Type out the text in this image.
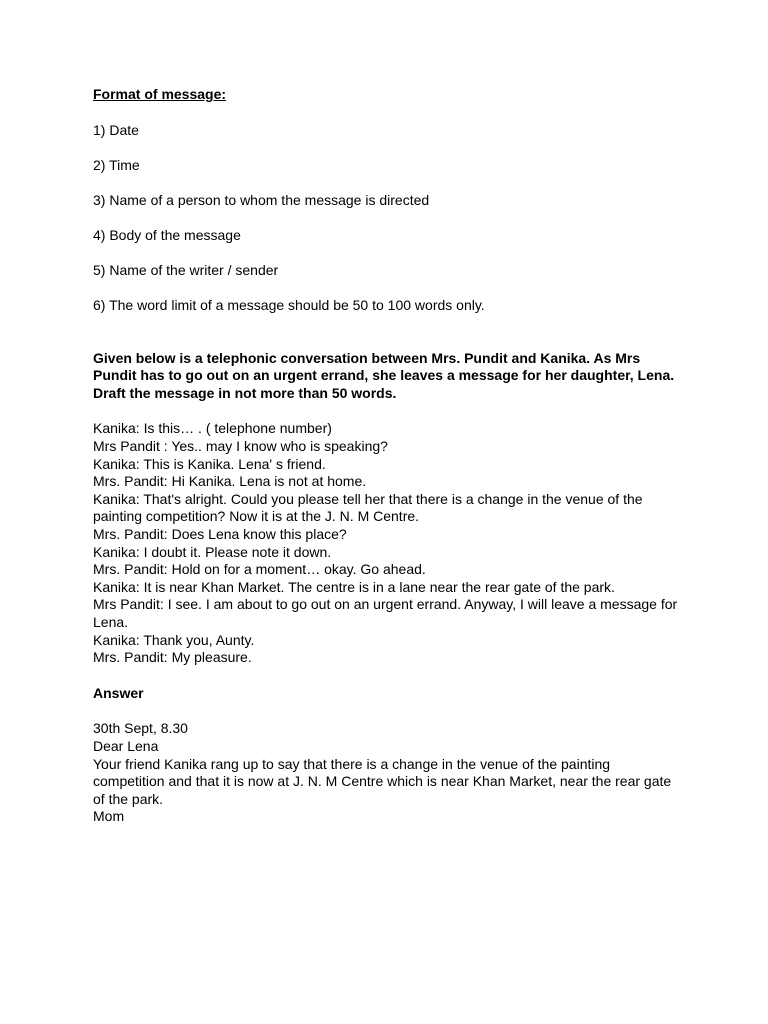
Format of message:

1) Date
2) Time
3) Name of a person to whom the message is directed
4) Body of the message
5) Name of the writer / sender
6) The word limit of a message should be 50 to 100 words only.

Given below is a telephonic conversation between Mrs. Pundit and Kanika. As Mrs Pundit has to go out on an urgent errand, she leaves a message for her daughter, Lena. Draft the message in not more than 50 words.

Kanika: Is this… . ( telephone number)
Mrs Pandit : Yes.. may I know who is speaking?
Kanika: This is Kanika. Lena' s friend.
Mrs. Pandit: Hi Kanika. Lena is not at home.
Kanika: That's alright. Could you please tell her that there is a change in the venue of the painting competition? Now it is at the J. N. M Centre.
Mrs. Pandit: Does Lena know this place?
Kanika: I doubt it. Please note it down.
Mrs. Pandit: Hold on for a moment… okay. Go ahead.
Kanika: It is near Khan Market. The centre is in a lane near the rear gate of the park.
Mrs Pandit: I see. I am about to go out on an urgent errand. Anyway, I will leave a message for Lena.
Kanika: Thank you, Aunty.
Mrs. Pandit: My pleasure.

Answer

30th Sept, 8.30

Dear Lena

Your friend Kanika rang up to say that there is a change in the venue of the painting competition and that it is now at J. N. M Centre which is near Khan Market, near the rear gate of the park.

Mom
